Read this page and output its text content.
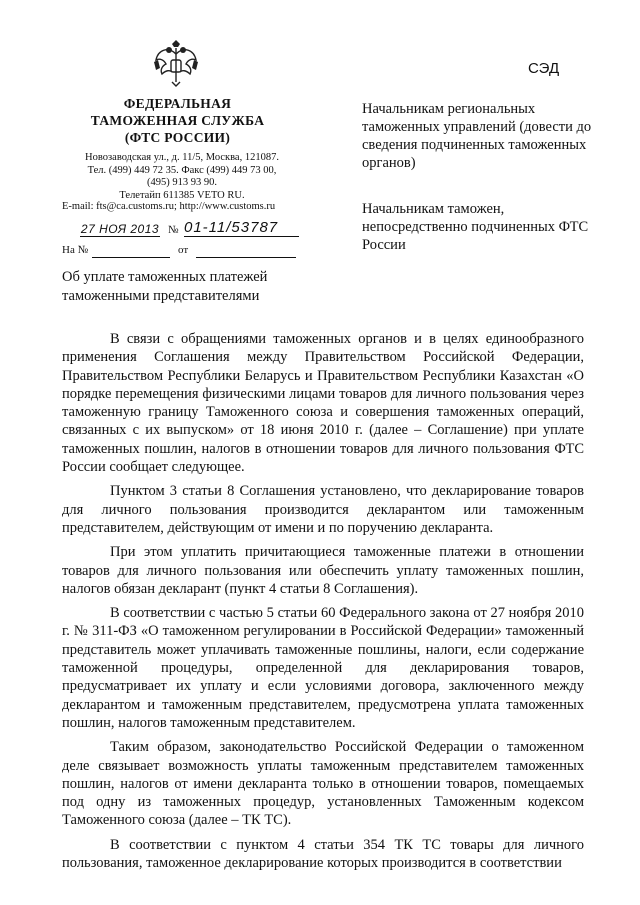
СЭД
ФЕДЕРАЛЬНАЯ
ТАМОЖЕННАЯ СЛУЖБА
(ФТС РОССИИ)
Новозаводская ул., д. 11/5, Москва, 121087.
Тел. (499) 449 72 35. Факс (499) 449 73 00,
(495) 913 93 90.
Телетайп 611385 VETO RU.
E-mail: fts@ca.customs.ru; http://www.customs.ru
27 НОЯ 2013 № 01-11/53787
На №	от
Об уплате таможенных платежей таможенными представителями
Начальникам региональных таможенных управлений (довести до сведения подчиненных таможенных органов)
Начальникам таможен, непосредственно подчиненных ФТС России

В связи с обращениями таможенных органов и в целях единообразного применения Соглашения между Правительством Российской Федерации, Правительством Республики Беларусь и Правительством Республики Казахстан «О порядке перемещения физическими лицами товаров для личного пользования через таможенную границу Таможенного союза и совершения таможенных операций, связанных с их выпуском» от 18 июня 2010 г. (далее – Соглашение) при уплате таможенных пошлин, налогов в отношении товаров для личного пользования ФТС России сообщает следующее.

Пунктом 3 статьи 8 Соглашения установлено, что декларирование товаров для личного пользования производится декларантом или таможенным представителем, действующим от имени и по поручению декларанта.

При этом уплатить причитающиеся таможенные платежи в отношении товаров для личного пользования или обеспечить уплату таможенных пошлин, налогов обязан декларант (пункт 4 статьи 8 Соглашения).

В соответствии с частью 5 статьи 60 Федерального закона от 27 ноября 2010 г. № 311-ФЗ «О таможенном регулировании в Российской Федерации» таможенный представитель может уплачивать таможенные пошлины, налоги, если содержание таможенной процедуры, определенной для декларирования товаров, предусматривает их уплату и если условиями договора, заключенного между декларантом и таможенным представителем, предусмотрена уплата таможенных пошлин, налогов таможенным представителем.

Таким образом, законодательство Российской Федерации о таможенном деле связывает возможность уплаты таможенным представителем таможенных пошлин, налогов от имени декларанта только в отношении товаров, помещаемых под одну из таможенных процедур, установленных Таможенным кодексом Таможенного союза (далее – ТК ТС).

В соответствии с пунктом 4 статьи 354 ТК ТС товары для личного пользования, таможенное декларирование которых производится в соответствии
